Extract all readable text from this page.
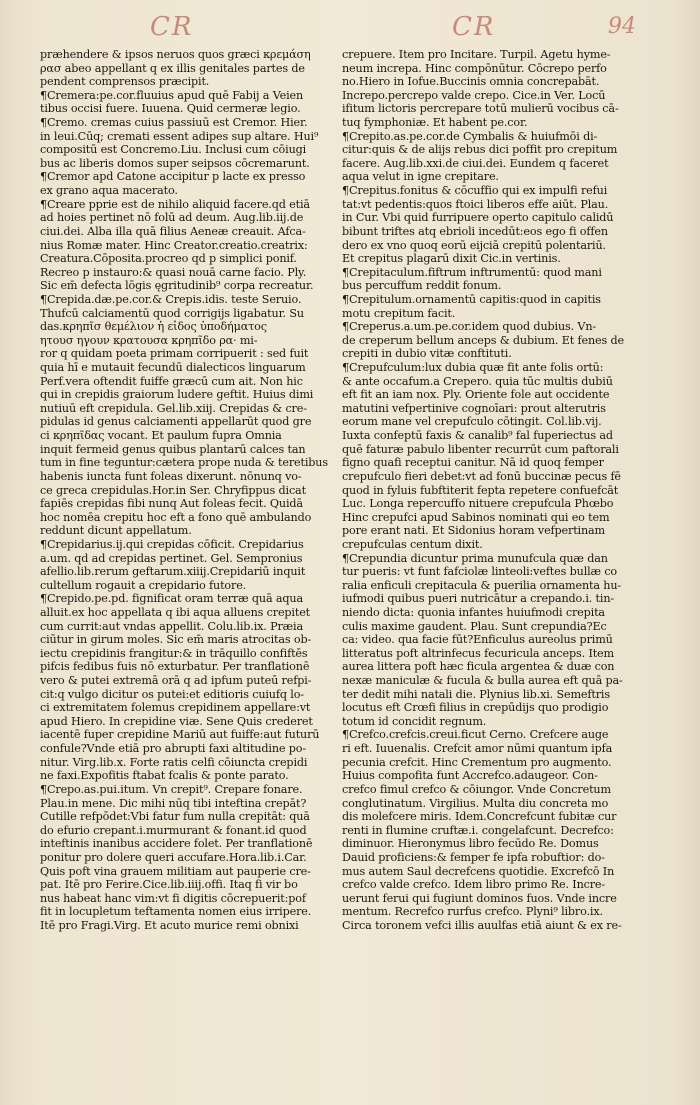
CR	CR	94
præhendere & ipsos neruos quos græci κρεμάση
ρασ abeo appellant q ex illis genitales partes de
pendent comprensos præcipit.
¶Cremera:pe.cor.fluuius apud quē Fabij a Veien
tibus occisi fuere. Iuuena. Quid cermeræ legio.
¶Cremo. cremas cuius passiuū est Cremor. Hier.
in leui.Cūq; cremati essent adipes sup altare. Hui⁹
compositū est Concremo.Liu. Inclusi cum cōiugi
bus ac liberis domos super seipsos cōcremarunt.
¶Cremor apd Catone accipitur p lacte ex presso
ex grano aqua macerato.
¶Creare pprie est de nihilo aliquid facere.qd etiā
ad hoies pertinet nō folū ad deum. Aug.lib.iij.de
ciui.dei. Alba illa quā filius Aeneæ creauit. Afca-
nius Romæ mater. Hinc Creator.creatio.creatrix:
Creatura.Cōposita.procreo qd p simplici ponif.
Recreo p instauro:& quasi nouā carne facio. Ply.
Sic em̄ defecta lōgis ęgritudinib⁹ corpa recreatur.
¶Crepida.dæ.pe.cor.& Crepis.idis. teste Seruio.
Thufcū calciamentū quod corrigijs ligabatur. Su
das.κρηπῖσ θεμέλιον ἡ εἶδος ὑποδήματος
ητουσ ηγουν κρατουσα κρηπῖδο ρα· mi-
ror q quidam poeta primam corripuerit : sed fuit
quia hī e mutauit fecundū dialecticos linguarum
Perf.vera oftendit fuiffe græcū cum ait. Non hic
qui in crepidis graiorum ludere geftit. Huius dimi
nutiuū eft crepidula. Gel.lib.xiij. Crepidas & cre-
pidulas id genus calciamenti appellarūt quod gre
ci κρηπῖδας vocant. Et paulum fupra Omnia
inquit fermeid genus quibus plantarū calces tan
tum in fine teguntur:cætera prope nuda & teretibus
habenis iuncta funt foleas dixerunt. nōnunq vo-
ce greca crepidulas.Hor.in Ser. Chryfippus dicat
fapiēs crepidas fibi nunq Aut foleas fecit. Quidā
hoc nomēa crepitu hoc eft a fono quē ambulando
reddunt dicunt appellatum.
¶Crepidarius.ij.qui crepidas cōficit. Crepidarius
a.um. qd ad crepidas pertinet. Gel. Sempronius
afellio.lib.rerum geftarum.xiiij.Crepidariū inquit
cultellum rogauit a crepidario futore.
¶Crepido.pe.pd. fignificat oram terræ quā aqua
alluit.ex hoc appellata q ibi aqua alluens crepitet
cum currit:aut vndas appellit. Colu.lib.ix. Præia
ciūtur in girum moles. Sic em̄ maris atrocitas ob-
iectu crepidinis frangitur:& in trāquillo confiftēs
pifcis fedibus fuis nō exturbatur. Per tranflationē
vero & putei extremā orā q ad ipfum puteū refpi-
cit:q vulgo dicitur os putei:et editioris cuiufq lo-
ci extremitatem folemus crepidinem appellare:vt
apud Hiero. In crepidine viæ. Sene Quis crederet
iacentē fuper crepidine Mariū aut fuiffe:aut futurū
confule?Vnde etiā pro abrupti faxi altitudine po-
nitur. Virg.lib.x. Forte ratis celfi cōiuncta crepidi
ne faxi.Expofitis ftabat fcalis & ponte parato.
¶Crepo.as.pui.itum. Vn crepit⁹. Crepare fonare.
Plau.in mene. Dic mihi nūq tibi inteftina crepāt?
Cutille refpōdet:Vbi fatur fum nulla crepitāt: quā
do efurio crepant.i.murmurant & fonant.id quod
inteftinis inanibus accidere folet. Per tranflationē
ponitur pro dolere queri accufare.Hora.lib.i.Car.
Quis poft vina grauem militiam aut pauperie cre-
pat. Itē pro Ferire.Cice.lib.iiij.offi. Itaq fi vir bo
nus habeat hanc vim:vt fi digitis cōcrepuerit:pof
fit in locupletum teftamenta nomen eius irripere.
Itē pro Fragi.Virg. Et acuto murice remi obnixi
crepuere. Item pro Incitare. Turpil. Agetu hyme-
neum increpa. Hinc compōnūtur. Cōcrepo perfo
no.Hiero in Iofue.Buccinis omnia concrepabāt.
Increpo.percrepo valde crepo. Cice.in Ver. Locū
ifitum lictoris percrepare totū mulierū vocibus cā-
tuq fymphoniæ. Et habent pe.cor.
¶Crepito.as.pe.cor.de Cymbalis & huiufmōi di-
citur:quis & de alijs rebus dici poffit pro crepitum
facere. Aug.lib.xxi.de ciui.dei. Eundem q faceret
aqua velut in igne crepitare.
¶Crepitus.fonitus & cōcuffio qui ex impulfi refui
tat:vt pedentis:quos ftoici liberos effe aiūt. Plau.
in Cur. Vbi quid furripuere operto capitulo calidū
bibunt triftes atq ebrioli incedūt:eos ego fi offen
dero ex vno quoq eorū eijciā crepitū polentariū.
Et crepitus plagarū dixit Cic.in vertinis.
¶Crepitaculum.fiftrum inftrumentū: quod mani
bus percuffum reddit fonum.
¶Crepitulum.ornamentū capitis:quod in capitis
motu crepitum facit.
¶Creperus.a.um.pe.cor.idem quod dubius. Vn-
de creperum bellum anceps & dubium. Et fenes de
crepiti in dubio vitæ conftituti.
¶Crepufculum:lux dubia quæ fit ante folis ortū:
& ante occafum.a Crepero. quia tūc multis dubiū
eft fit an iam nox. Ply. Oriente fole aut occidente
matutini vefpertinive cognoīari: prout alterutris
eorum mane vel crepufculo cōtingit. Col.lib.vij.
Iuxta confeptū faxis & canalib⁹ fal fuperiectus ad
quē faturæ pabulo libenter recurrūt cum paftorali
figno quafi receptui canitur. Nā id quoq femper
crepufculo fieri debet:vt ad fonū buccinæ pecus fē
quod in fyluis fubftiterit fepta repetere confuefcāt
Luc. Longa repercuffo nituere crepufcula Phœbo
Hinc crepufci apud Sabinos nominati qui eo tem
pore erant nati. Et Sidonius horam vefpertinam
crepufculas centum dixit.
¶Crepundia dicuntur prima munufcula quæ dan
tur pueris: vt funt fafciolæ linteoli:veftes bullæ co
ralia enficuli crepitacula & puerilia ornamenta hu-
iufmodi quibus pueri nutricātur a crepando.i. tin-
niendo dicta: quonia infantes huiufmodi crepita
culis maxime gaudent. Plau. Sunt crepundia?Ec
ca: video. qua facie fūt?Enficulus aureolus primū
litteratus poft altrinfecus fecuricula anceps. Item
aurea littera poft hæc ficula argentea & duæ con
nexæ maniculæ & fucula & bulla aurea eft quā pa-
ter dedit mihi natali die. Plynius lib.xi. Semeftris
locutus eft Crœfi filius in crepūdijs quo prodigio
totum id concidit regnum.
¶Crefco.crefcis.creui.ficut Cerno. Crefcere auge
ri eft. Iuuenalis. Crefcit amor nūmi quantum ipfa
pecunia crefcit. Hinc Crementum pro augmento.
Huius compofita funt Accrefco.adaugeor. Con-
crefco fimul crefco & cōiungor. Vnde Concretum
conglutinatum. Virgilius. Multa diu concreta mo
dis molefcere miris. Idem.Concrefcunt fubitæ cur
renti in flumine cruftæ.i. congelafcunt. Decrefco:
diminuor. Hieronymus libro fecūdo Re. Domus
Dauid proficiens:& femper fe ipfa robuftior: do-
mus autem Saul decrefcens quotidie. Excrefcō In
crefco valde crefco. Idem libro primo Re. Incre-
uerunt ferui qui fugiunt dominos fuos. Vnde incre
mentum. Recrefco rurfus crefco. Plyni⁹ libro.ix.
Circa toronem vefci illis auulfas etiā aiunt & ex re-
